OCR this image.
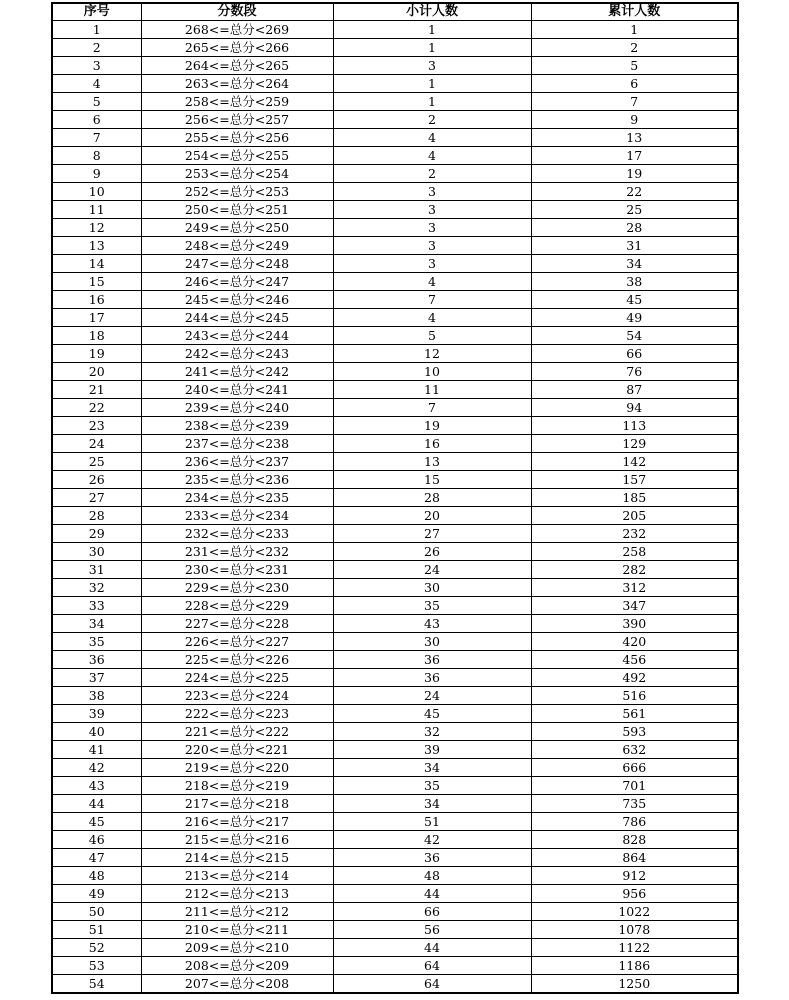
序号	分数段	小计人数	累计人数
1	268<=总分<269	1	1
2	265<=总分<266	1	2
3	264<=总分<265	3	5
4	263<=总分<264	1	6
5	258<=总分<259	1	7
6	256<=总分<257	2	9
7	255<=总分<256	4	13
8	254<=总分<255	4	17
9	253<=总分<254	2	19
10	252<=总分<253	3	22
11	250<=总分<251	3	25
12	249<=总分<250	3	28
13	248<=总分<249	3	31
14	247<=总分<248	3	34
15	246<=总分<247	4	38
16	245<=总分<246	7	45
17	244<=总分<245	4	49
18	243<=总分<244	5	54
19	242<=总分<243	12	66
20	241<=总分<242	10	76
21	240<=总分<241	11	87
22	239<=总分<240	7	94
23	238<=总分<239	19	113
24	237<=总分<238	16	129
25	236<=总分<237	13	142
26	235<=总分<236	15	157
27	234<=总分<235	28	185
28	233<=总分<234	20	205
29	232<=总分<233	27	232
30	231<=总分<232	26	258
31	230<=总分<231	24	282
32	229<=总分<230	30	312
33	228<=总分<229	35	347
34	227<=总分<228	43	390
35	226<=总分<227	30	420
36	225<=总分<226	36	456
37	224<=总分<225	36	492
38	223<=总分<224	24	516
39	222<=总分<223	45	561
40	221<=总分<222	32	593
41	220<=总分<221	39	632
42	219<=总分<220	34	666
43	218<=总分<219	35	701
44	217<=总分<218	34	735
45	216<=总分<217	51	786
46	215<=总分<216	42	828
47	214<=总分<215	36	864
48	213<=总分<214	48	912
49	212<=总分<213	44	956
50	211<=总分<212	66	1022
51	210<=总分<211	56	1078
52	209<=总分<210	44	1122
53	208<=总分<209	64	1186
54	207<=总分<208	64	1250
